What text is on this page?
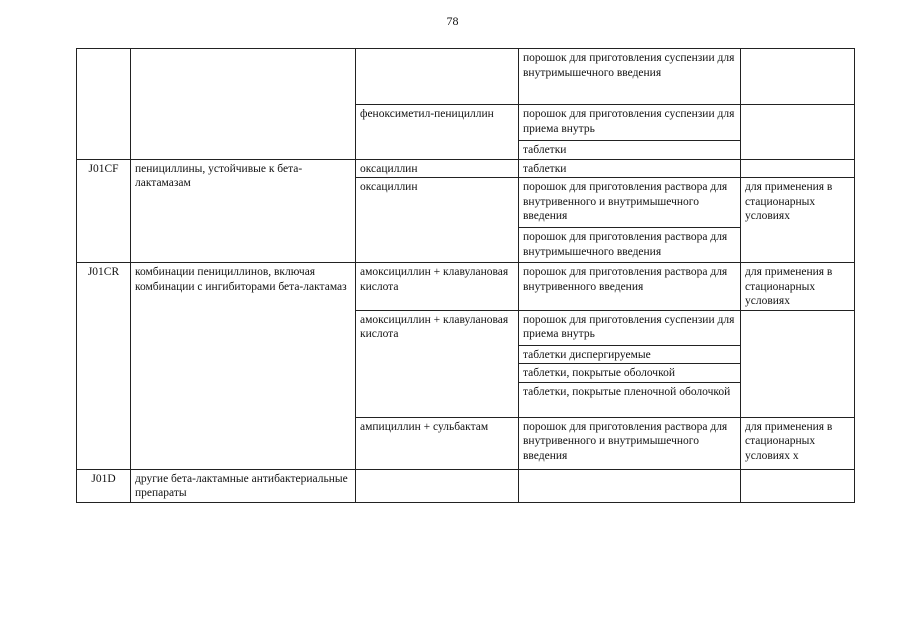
78
			порошок для приготовления суспензии для внутримышечного введения	
		феноксиметил-пенициллин	порошок для приготовления суспензии для приема внутрь	
			таблетки	
J01CF	пенициллины, устойчивые к бета-лактамазам	оксациллин	таблетки	
		оксациллин	порошок для приготовления раствора для внутривенного и внутримышечного введения	для применения в стационарных условиях
			порошок для приготовления раствора для внутримышечного введения	
J01CR	комбинации пенициллинов, включая комбинации с ингибиторами бета-лактамаз	амоксициллин + клавулановая кислота	порошок для приготовления раствора для внутривенного введения	для применения в стационарных условиях
		амоксициллин + клавулановая кислота	порошок для приготовления суспензии для приема внутрь	
			таблетки диспергируемые	
			таблетки, покрытые оболочкой	
			таблетки, покрытые пленочной оболочкой	
		ампициллин + сульбактам	порошок для приготовления раствора для внутривенного и внутримышечного введения	для применения в стационарных условиях х
J01D	другие бета-лактамные антибактериальные препараты			
